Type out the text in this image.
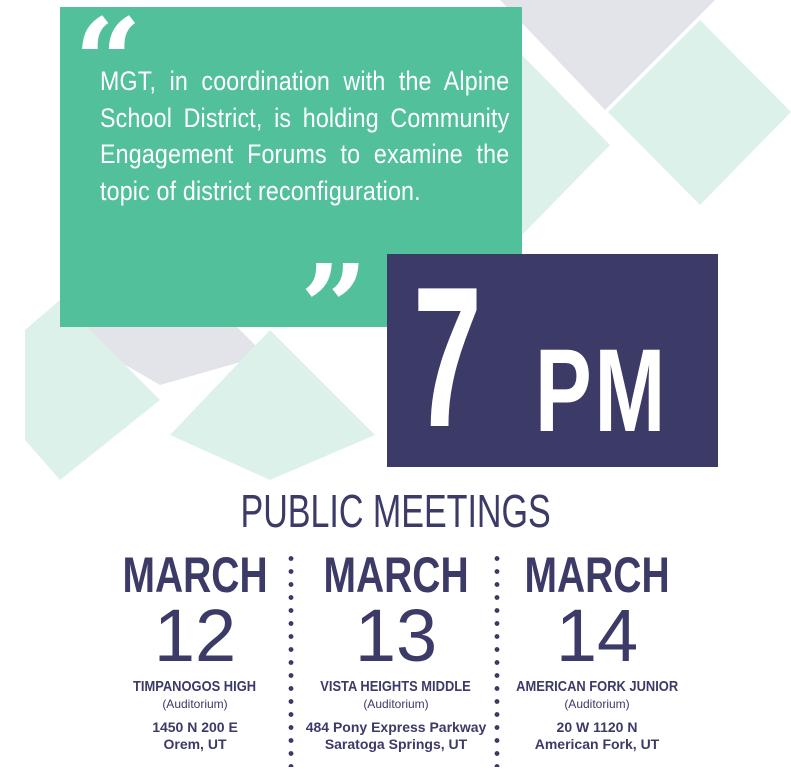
“
MGT, in coordination with the Alpine School District, is holding Community Engagement Forums to examine the topic of district reconfiguration.
” 7 PM
PUBLIC MEETINGS
MARCH
12
TIMPANOGOS HIGH
(Auditorium)
1450 N 200 E
Orem, UT
MARCH
13
VISTA HEIGHTS MIDDLE
(Auditorium)
484 Pony Express Parkway
Saratoga Springs, UT
MARCH
14
AMERICAN FORK JUNIOR
(Auditorium)
20 W 1120 N
American Fork, UT
